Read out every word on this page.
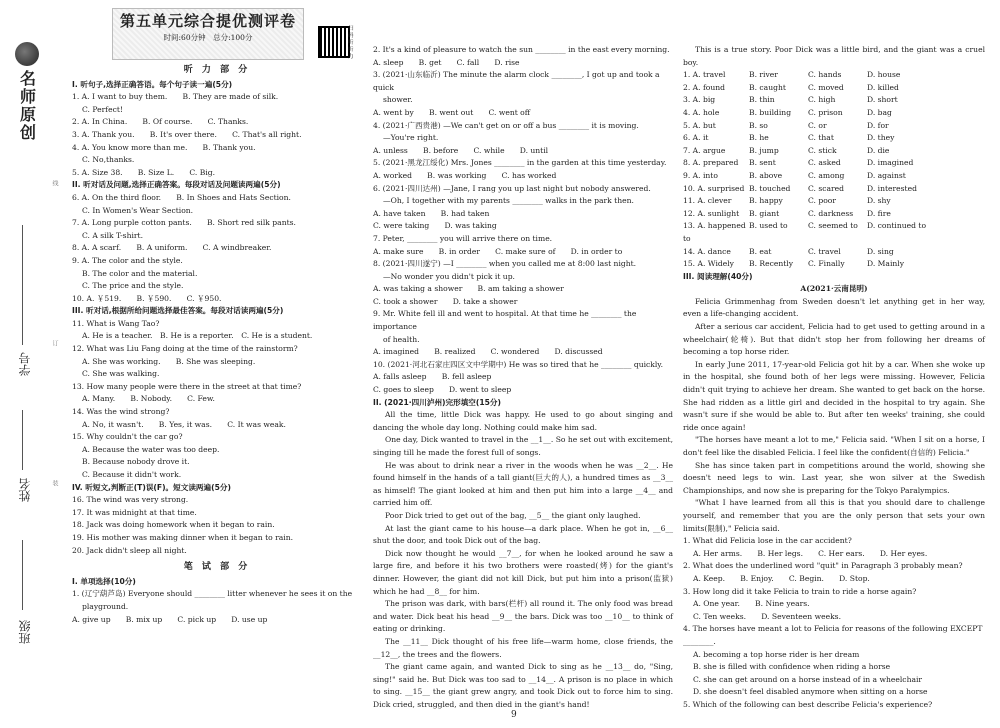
名师原创
学号
姓名
班级
线
订
装
第五单元综合提优测评卷
时间:60分钟　总分:100分
扫码听听力
听 力 部 分
I. 听句子,选择正确答语。每个句子读一遍(5分)
1. A. I want to buy them.　　B. They are made of silk.
C. Perfect!
2. A. In China.　　B. Of course.　　C. Thanks.
3. A. Thank you.　　B. It's over there.　　C. That's all right.
4. A. You know more than me.　　B. Thank you.
C. No,thanks.
5. A. Size 38.　　B. Size L.　　C. Big.
II. 听对话及问题,选择正确答案。每段对话及问题读两遍(5分)
6. A. On the third floor.　　B. In Shoes and Hats Section.
C. In Women's Wear Section.
7. A. Long purple cotton pants.　　B. Short red silk pants.
C. A silk T-shirt.
8. A. A scarf.　　B. A uniform.　　C. A windbreaker.
9. A. The color and the style.
B. The color and the material.
C. The price and the style.
10. A. ￥519.　　B. ￥590.　　C. ￥950.
III. 听对话,根据所给问题选择最佳答案。每段对话读两遍(5分)
11. What is Wang Tao?
A. He is a teacher.　B. He is a reporter.　C. He is a student.
12. What was Liu Fang doing at the time of the rainstorm?
A. She was working.　　B. She was sleeping.
C. She was walking.
13. How many people were there in the street at that time?
A. Many.　　B. Nobody.　　C. Few.
14. Was the wind strong?
A. No, it wasn't.　　B. Yes, it was.　　C. It was weak.
15. Why couldn't the car go?
A. Because the water was too deep.
B. Because nobody drove it.
C. Because it didn't work.
IV. 听短文,判断正(T)误(F)。短文读两遍(5分)
16. The wind was very strong.
17. It was midnight at that time.
18. Jack was doing homework when it began to rain.
19. His mother was making dinner when it began to rain.
20. Jack didn't sleep all night.
笔 试 部 分
I. 单项选择(10分)
1. (辽宁葫芦岛) Everyone should ________ litter whenever he sees it on the
playground.
A. give up　　B. mix up　　C. pick up　　D. use up
2. It's a kind of pleasure to watch the sun ________ in the east every morning.
A. sleep　　B. get　　C. fall　　D. rise
3. (2021·山东临沂) The minute the alarm clock ________, I got up and took a quick
shower.
A. went by　　B. went out　　C. went off
4. (2021·广西贵港) —We can't get on or off a bus ________ it is moving.
—You're right.
A. unless　　B. before　　C. while　　D. until
5. (2021·黑龙江绥化) Mrs. Jones ________ in the garden at this time yesterday.
A. worked　　B. was working　　C. has worked
6. (2021·四川达州) —Jane, I rang you up last night but nobody answered.
—Oh, I together with my parents ________ walks in the park then.
A. have taken　　B. had taken
C. were taking　　D. was taking
7. Peter, ________ you will arrive there on time.
A. make sure　　B. in order　　C. make sure of　　D. in order to
8. (2021·四川遂宁) —I ________ when you called me at 8:00 last night.
—No wonder you didn't pick it up.
A. was taking a shower　　B. am taking a shower
C. took a shower　　D. take a shower
9. Mr. White fell ill and went to hospital. At that time he ________ the importance
of health.
A. imagined　　B. realized　　C. wondered　　D. discussed
10. (2021·河北石家庄四区文中学期中) He was so tired that he ________ quickly.
A. falls asleep　　B. fell asleep
C. goes to sleep　　D. went to sleep
II. (2021·四川泸州)完形填空(15分)

All the time, little Dick was happy. He used to go about singing and dancing the whole day long. Nothing could make him sad.

One day, Dick wanted to travel in the __1__. So he set out with excitement, singing till he made the forest full of songs.

He was about to drink near a river in the woods when he was __2__. He found himself in the hands of a tall giant(巨大的人), a hundred times as __3__ as himself! The giant looked at him and then put him into a large __4__ and carried him off.

Poor Dick tried to get out of the bag, __5__ the giant only laughed.

At last the giant came to his house—a dark place. When he got in, __6__ shut the door, and took Dick out of the bag.

Dick now thought he would __7__, for when he looked around he saw a large fire, and before it his two brothers were roasted(烤) for the giant's dinner. However, the giant did not kill Dick, but put him into a prison(监狱) which he had __8__ for him.

The prison was dark, with bars(栏杆) all round it. The only food was bread and water. Dick beat his head __9__ the bars. Dick was too __10__ to think of eating or drinking.

The __11__ Dick thought of his free life—warm home, close friends, the __12__, the trees and the flowers.

The giant came again, and wanted Dick to sing as he __13__ do, "Sing, sing!" said he. But Dick was too sad to __14__. A prison is no place in which to sing. __15__ the giant grew angry, and took Dick out to force him to sing. Dick cried, struggled, and then died in the giant's hand!

This is a true story. Poor Dick was a little bird, and the giant was a cruel boy.

1. A. travel	B. river	C. hands	D. house
2. A. found	B. caught	C. moved	D. killed
3. A. big	B. thin	C. high	D. short
4. A. hole	B. building	C. prison	D. bag
5. A. but	B. so	C. or	D. for
6. A. it	B. he	C. that	D. they
7. A. argue	B. jump	C. stick	D. die
8. A. prepared	B. sent	C. asked	D. imagined
9. A. into	B. above	C. among	D. against
10. A. surprised B. touched	C. scared	D. interested
11. A. clever	B. happy	C. poor	D. shy
12. A. sunlight	B. giant	C. darkness	D. fire
13. A. happened to
B. used to	C. seemed to	D. continued to
14. A. dance	B. eat	C. travel	D. sing
15. A. Widely	B. Recently	C. Finally	D. Mainly
III. 阅读理解(40分)
A(2021·云南昆明)

Felicia Grimmenhag from Sweden doesn't let anything get in her way, even a life-changing accident.

After a serious car accident, Felicia had to get used to getting around in a wheelchair(轮椅). But that didn't stop her from following her dreams of becoming a top horse rider.

In early June 2011, 17-year-old Felicia got hit by a car. When she woke up in the hospital, she found both of her legs were missing. However, Felicia didn't quit trying to achieve her dream. She wanted to get back on the horse. She had ridden as a little girl and decided in the hospital to try again. She wasn't sure if she would be able to. But after ten weeks' training, she could ride once again!

"The horses have meant a lot to me," Felicia said. "When I sit on a horse, I don't feel like the disabled Felicia. I feel like the confident(自信的) Felicia."

She has since taken part in competitions around the world, showing she doesn't need legs to win. Last year, she won silver at the Swedish Championships, and now she is preparing for the Tokyo Paralympics.

"What I have learned from all this is that you should dare to challenge yourself, and remember that you are the only person that sets your own limits(限制)," Felicia said.

1. What did Felicia lose in the car accident?
A. Her arms.　　B. Her legs.　　C. Her ears.　　D. Her eyes.
2. What does the underlined word "quit" in Paragraph 3 probably mean?
A. Keep.　　B. Enjoy.　　C. Begin.　　D. Stop.
3. How long did it take Felicia to train to ride a horse again?
A. One year.　　B. Nine years.
C. Ten weeks.　　D. Seventeen weeks.
4. The horses have meant a lot to Felicia for reasons of the following EXCEPT ________.
A. becoming a top horse rider is her dream
B. she is filled with confidence when riding a horse
C. she can get around on a horse instead of in a wheelchair
D. she doesn't feel disabled anymore when sitting on a horse
5. Which of the following can best describe Felicia's experience?
9
